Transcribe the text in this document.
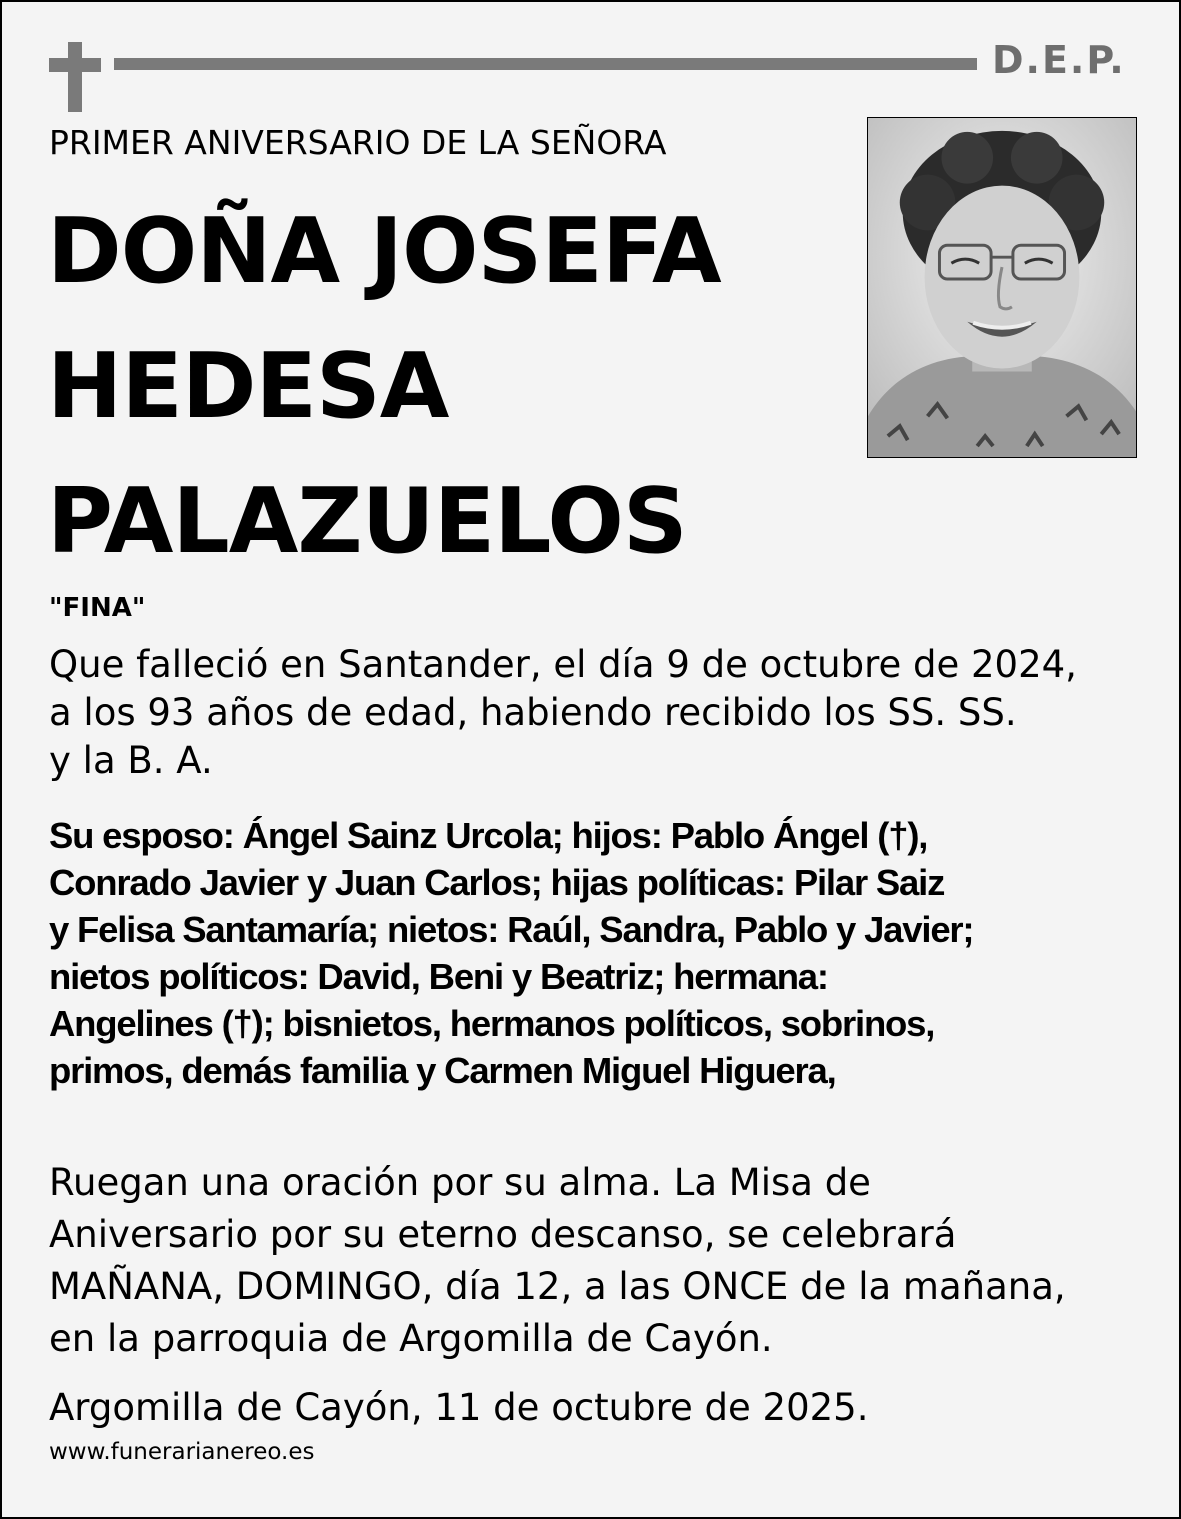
D.E.P.
PRIMER ANIVERSARIO DE LA SEÑORA
DOÑA JOSEFA
HEDESA
PALAZUELOS
"FINA"
Que falleció en Santander, el día 9 de octubre de 2024,
a los 93 años de edad, habiendo recibido los SS. SS.
y la B. A.
Su esposo: Ángel Sainz Urcola; hijos: Pablo Ángel (†),
Conrado Javier y Juan Carlos; hijas políticas: Pilar Saiz
y Felisa Santamaría; nietos: Raúl, Sandra, Pablo y Javier;
nietos políticos: David, Beni y Beatriz; hermana:
Angelines (†); bisnietos, hermanos políticos, sobrinos,
primos, demás familia y Carmen Miguel Higuera,
Ruegan una oración por su alma. La Misa de
Aniversario por su eterno descanso, se celebrará
MAÑANA, DOMINGO, día 12, a las ONCE de la mañana,
en la parroquia de Argomilla de Cayón.
Argomilla de Cayón, 11 de octubre de 2025.
www.funerarianereo.es
